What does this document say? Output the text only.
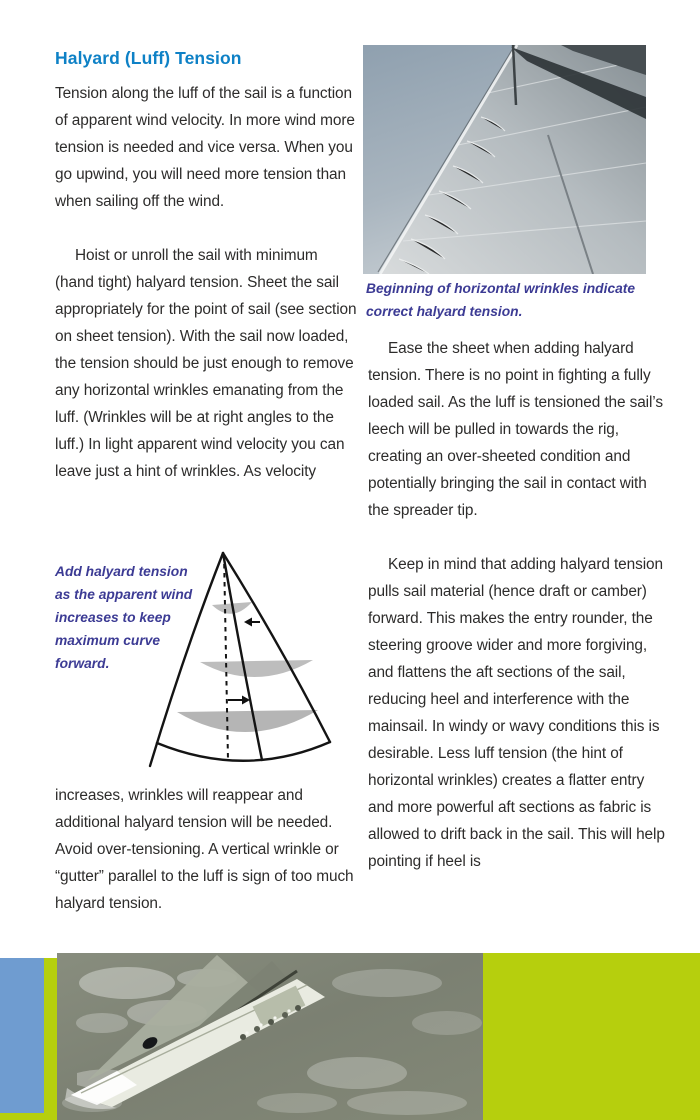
Halyard (Luff) Tension

Tension along the luff of the sail is a function of apparent wind velocity. In more wind more tension is needed and vice versa. When you go upwind, you will need more tension than when sailing off the wind.

Hoist or unroll the sail with minimum (hand tight) halyard tension. Sheet the sail appropriately for the point of sail (see section on sheet tension). With the sail now loaded, the tension should be just enough to remove any horizontal wrinkles emanating from the luff. (Wrinkles will be at right angles to the luff.) In light apparent wind velocity you can leave just a hint of wrinkles. As velocity

Add halyard tension as the apparent wind increases to keep maximum curve forward.

increases, wrinkles will reappear and additional halyard tension will be needed. Avoid over-tensioning. A vertical wrinkle or “gutter” parallel to the luff is sign of too much halyard tension.

Beginning of horizontal wrinkles indicate correct halyard tension.

Ease the sheet when adding halyard tension. There is no point in fighting a fully loaded sail. As the luff is tensioned the sail’s leech will be pulled in towards the rig, creating an over-sheeted condition and potentially bringing the sail in contact with the spreader tip.

Keep in mind that adding halyard tension pulls sail material (hence draft or camber) forward. This makes the entry rounder, the steering groove wider and more forgiving, and flattens the aft sections of the sail, reducing heel and interference with the mainsail. In windy or wavy conditions this is desirable. Less luff tension (the hint of horizontal wrinkles) creates a flatter entry and more powerful aft sections as fabric is allowed to drift back in the sail. This will help pointing if heel is
